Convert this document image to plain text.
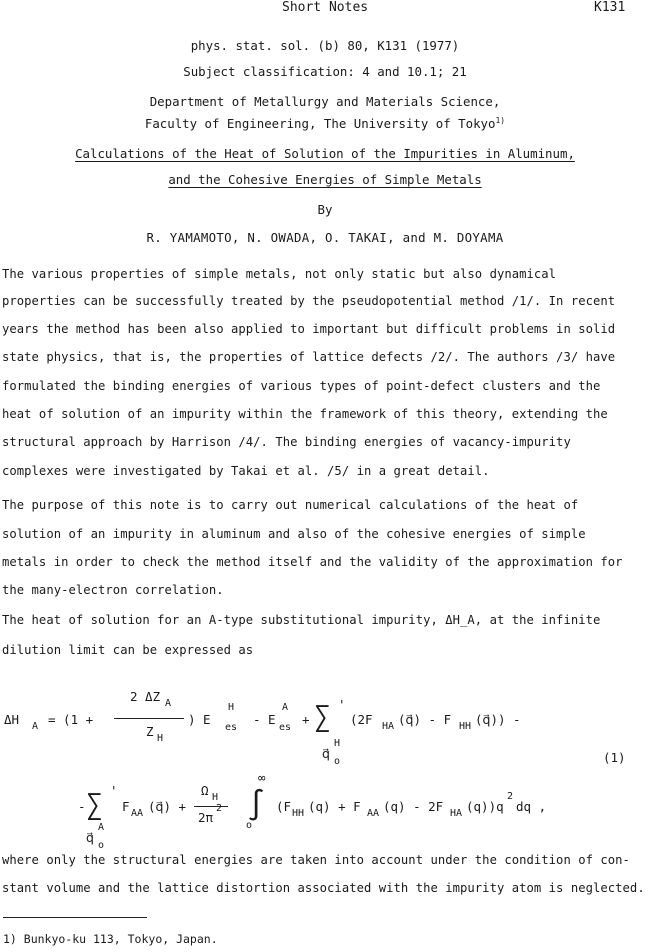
Short Notes	K131
phys. stat. sol. (b) 80, K131 (1977)
Subject classification: 4 and 10.1; 21
Department of Metallurgy and Materials Science,
Faculty of Engineering, The University of Tokyo$^{1)}$
Calculations of the Heat of Solution of the Impurities in Aluminum,
and the Cohesive Energies of Simple Metals
By
R. YAMAMOTO, N. OWADA, O. TAKAI, and M. DOYAMA
The various properties of simple metals, not only static but also dynamical
properties can be successfully treated by the pseudopotential method /1/. In recent
years the method has been also applied to important but difficult problems in solid
state physics, that is, the properties of lattice defects /2/. The authors /3/ have
formulated the binding energies of various types of point-defect clusters and the
heat of solution of an impurity within the framework of this theory, extending the
structural approach by Harrison /4/. The binding energies of vacancy-impurity
complexes were investigated by Takai et al. /5/ in a great detail.
The purpose of this note is to carry out numerical calculations of the heat of
solution of an impurity in aluminum and also of the cohesive energies of simple
metals in order to check the method itself and the validity of the approximation for
the many-electron correlation.
The heat of solution for an A-type substitutional impurity, ΔH_A, at the infinite
dilution limit can be expressed as
ΔH A = (1 +
2 ΔZ A
Z H
) E
H
es
- E
A
es
+ ∑ '
(2F HA (q⃗) - F HH (q⃗)) -
q⃗
H
o	(1)
- ∑ '
F AA (q⃗) +
Ω H
2π
2 ∫
∞
o
(F HH (q) + F AA (q) - 2F HA (q))q
2
dq ,
q⃗
A
o
where only the structural energies are taken into account under the condition of con-
stant volume and the lattice distortion associated with the impurity atom is neglected.
1) Bunkyo-ku 113, Tokyo, Japan.
